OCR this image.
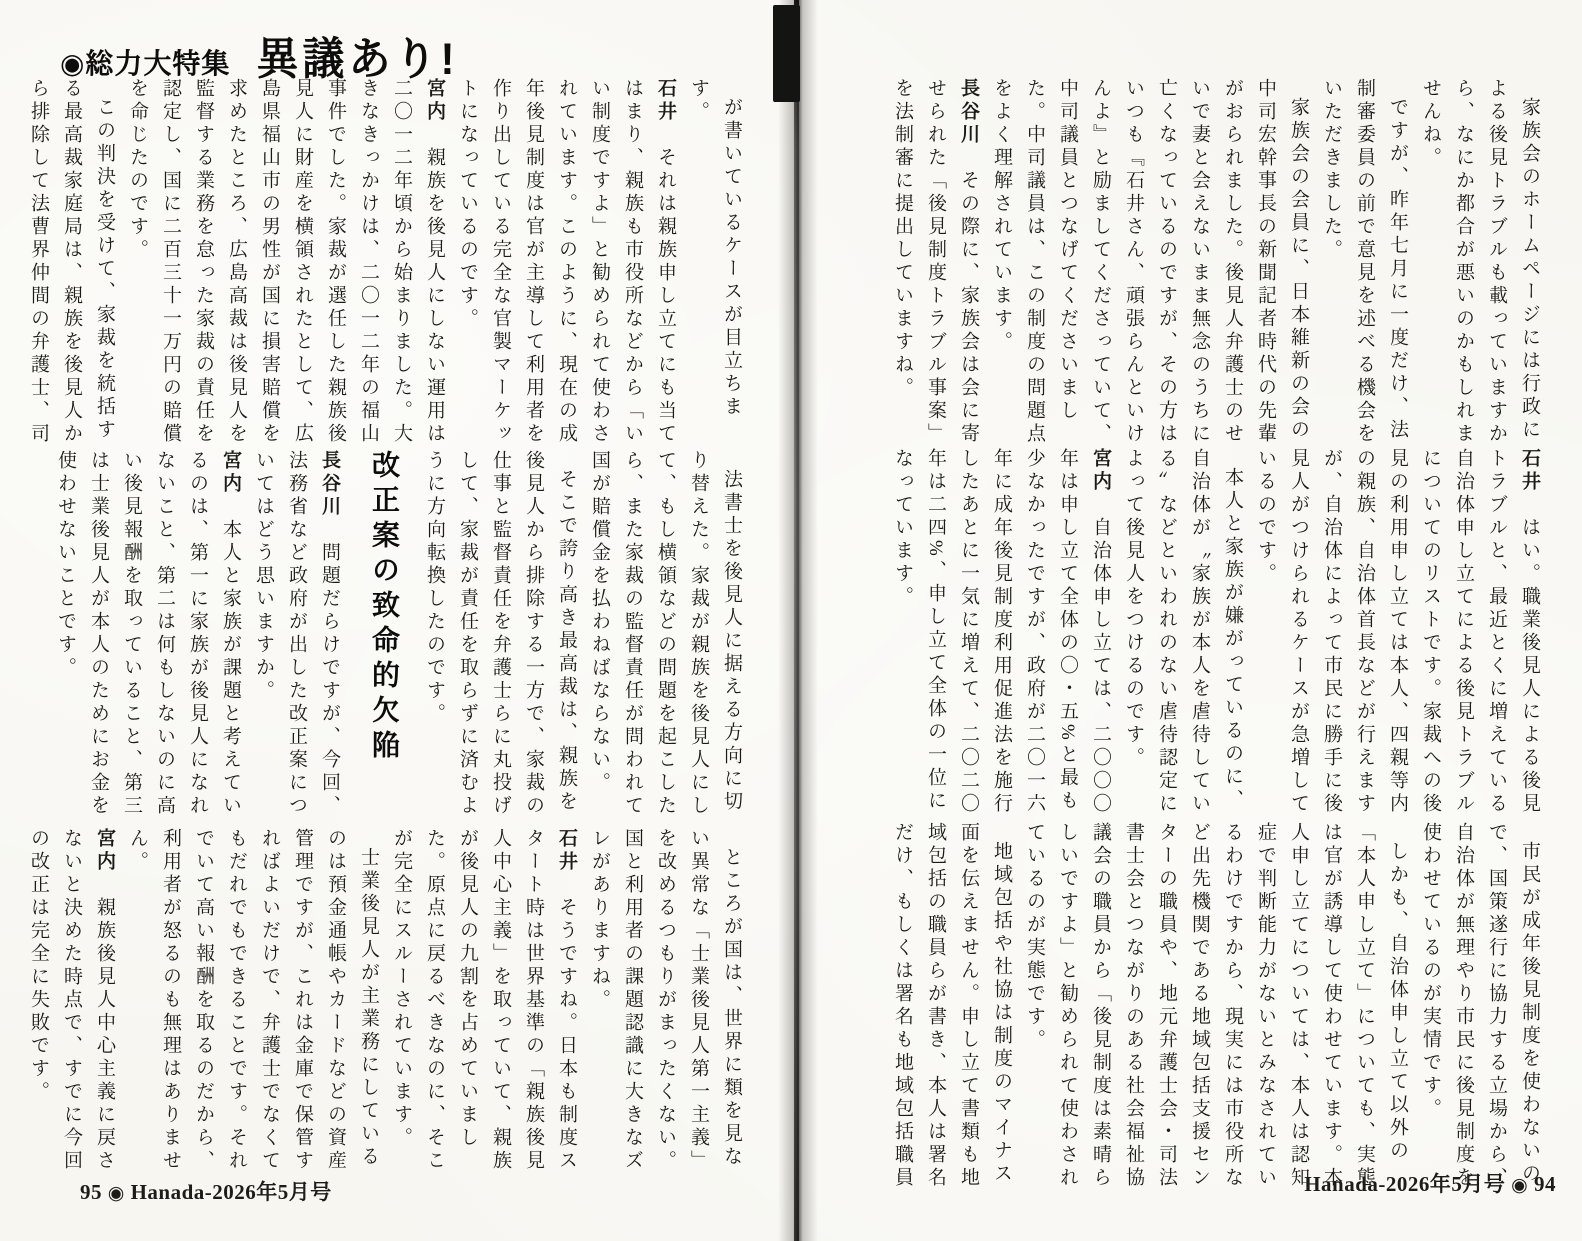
◉総力大特集 異議あり!

家族会のホームページには行政による後見トラブルも載っていますから、なにか都合が悪いのかもしれませんね。

ですが、昨年七月に一度だけ、法制審委員の前で意見を述べる機会をいただきました。

家族会の会員に、日本維新の会の中司宏幹事長の新聞記者時代の先輩がおられました。後見人弁護士のせいで妻と会えないまま無念のうちに亡くなっているのですが、その方はいつも『石井さん、頑張らんといけんよ』と励ましてくださっていて、中司議員とつなげてくださいました。中司議員は、この制度の問題点をよく理解されています。

長谷川その際に、家族会は会に寄せられた「後見制度トラブル事案」を法制審に提出していますね。

石井はい。職業後見人による後見トラブルと、最近とくに増えている自治体申し立てによる後見トラブルについてのリストです。家裁への後見の利用申し立ては本人、四親等内の親族、自治体首長などが行えますが、自治体によって市民に勝手に後見人がつけられるケースが急増しているのです。

本人と家族が嫌がっているのに、自治体が〝家族が本人を虐待している〟などといわれのない虐待認定によって後見人をつけるのです。

宮内自治体申し立ては、二〇〇〇年は申し立て全体の〇・五%と最も少なかったですが、政府が二〇一六年に成年後見制度利用促進法を施行したあとに一気に増えて、二〇二〇年は二四%、申し立て全体の一位になっています。

市民が成年後見制度を使わないので、国策遂行に協力する立場から、自治体が無理やり市民に後見制度を使わせているのが実情です。

しかも、自治体申し立て以外の「本人申し立て」についても、実態は官が誘導して使わせています。本人申し立てについては、本人は認知症で判断能力がないとみなされているわけですから、現実には市役所など出先機関である地域包括支援センターの職員や、地元弁護士会・司法書士会とつながりのある社会福祉協議会の職員から「後見制度は素晴らしいですよ」と勧められて使わされているのが実態です。

地域包括や社協は制度のマイナス面を伝えません。申し立て書類も地域包括の職員らが書き、本人は署名だけ、もしくは署名も地域包括職員

が書いているケースが目立ちます。

石井それは親族申し立てにも当てはまり、親族も市役所などから「いい制度ですよ」と勧められて使わされています。このように、現在の成年後見制度は官が主導して利用者を作り出している完全な官製マーケットになっているのです。

宮内親族を後見人にしない運用は二〇一二年頃から始まりました。大きなきっかけは、二〇一二年の福山事件でした。家裁が選任した親族後見人に財産を横領されたとして、広島県福山市の男性が国に損害賠償を求めたところ、広島高裁は後見人を監督する業務を怠った家裁の責任を認定し、国に二百三十一万円の賠償を命じたのです。

この判決を受けて、家裁を統括する最高裁家庭局は、親族を後見人から排除して法曹界仲間の弁護士、司

法書士を後見人に据える方向に切り替えた。家裁が親族を後見人にして、もし横領などの問題を起こしたら、また家裁の監督責任が問われて国が賠償金を払わねばならない。

そこで誇り高き最高裁は、親族を後見人から排除する一方で、家裁の仕事と監督責任を弁護士らに丸投げして、家裁が責任を取らずに済むように方向転換したのです。

改正案の致命的欠陥

長谷川問題だらけですが、今回、法務省など政府が出した改正案についてはどう思いますか。

宮内本人と家族が課題と考えているのは、第一に家族が後見人になれないこと、第二は何もしないのに高い後見報酬を取っていること、第三は士業後見人が本人のためにお金を使わせないことです。

ところが国は、世界に類を見ない異常な「士業後見人第一主義」を改めるつもりがまったくない。国と利用者の課題認識に大きなズレがありますね。

石井そうですね。日本も制度スタート時は世界基準の「親族後見人中心主義」を取っていて、親族が後見人の九割を占めていました。原点に戻るべきなのに、そこが完全にスルーされています。

士業後見人が主業務にしているのは預金通帳やカードなどの資産管理ですが、これは金庫で保管すればよいだけで、弁護士でなくてもだれでもできることです。それでいて高い報酬を取るのだから、利用者が怒るのも無理はありません。

宮内親族後見人中心主義に戻さないと決めた時点で、すでに今回の改正は完全に失敗です。

95 ◉ Hanada-2026年5月号	Hanada-2026年5月号 ◉ 94
